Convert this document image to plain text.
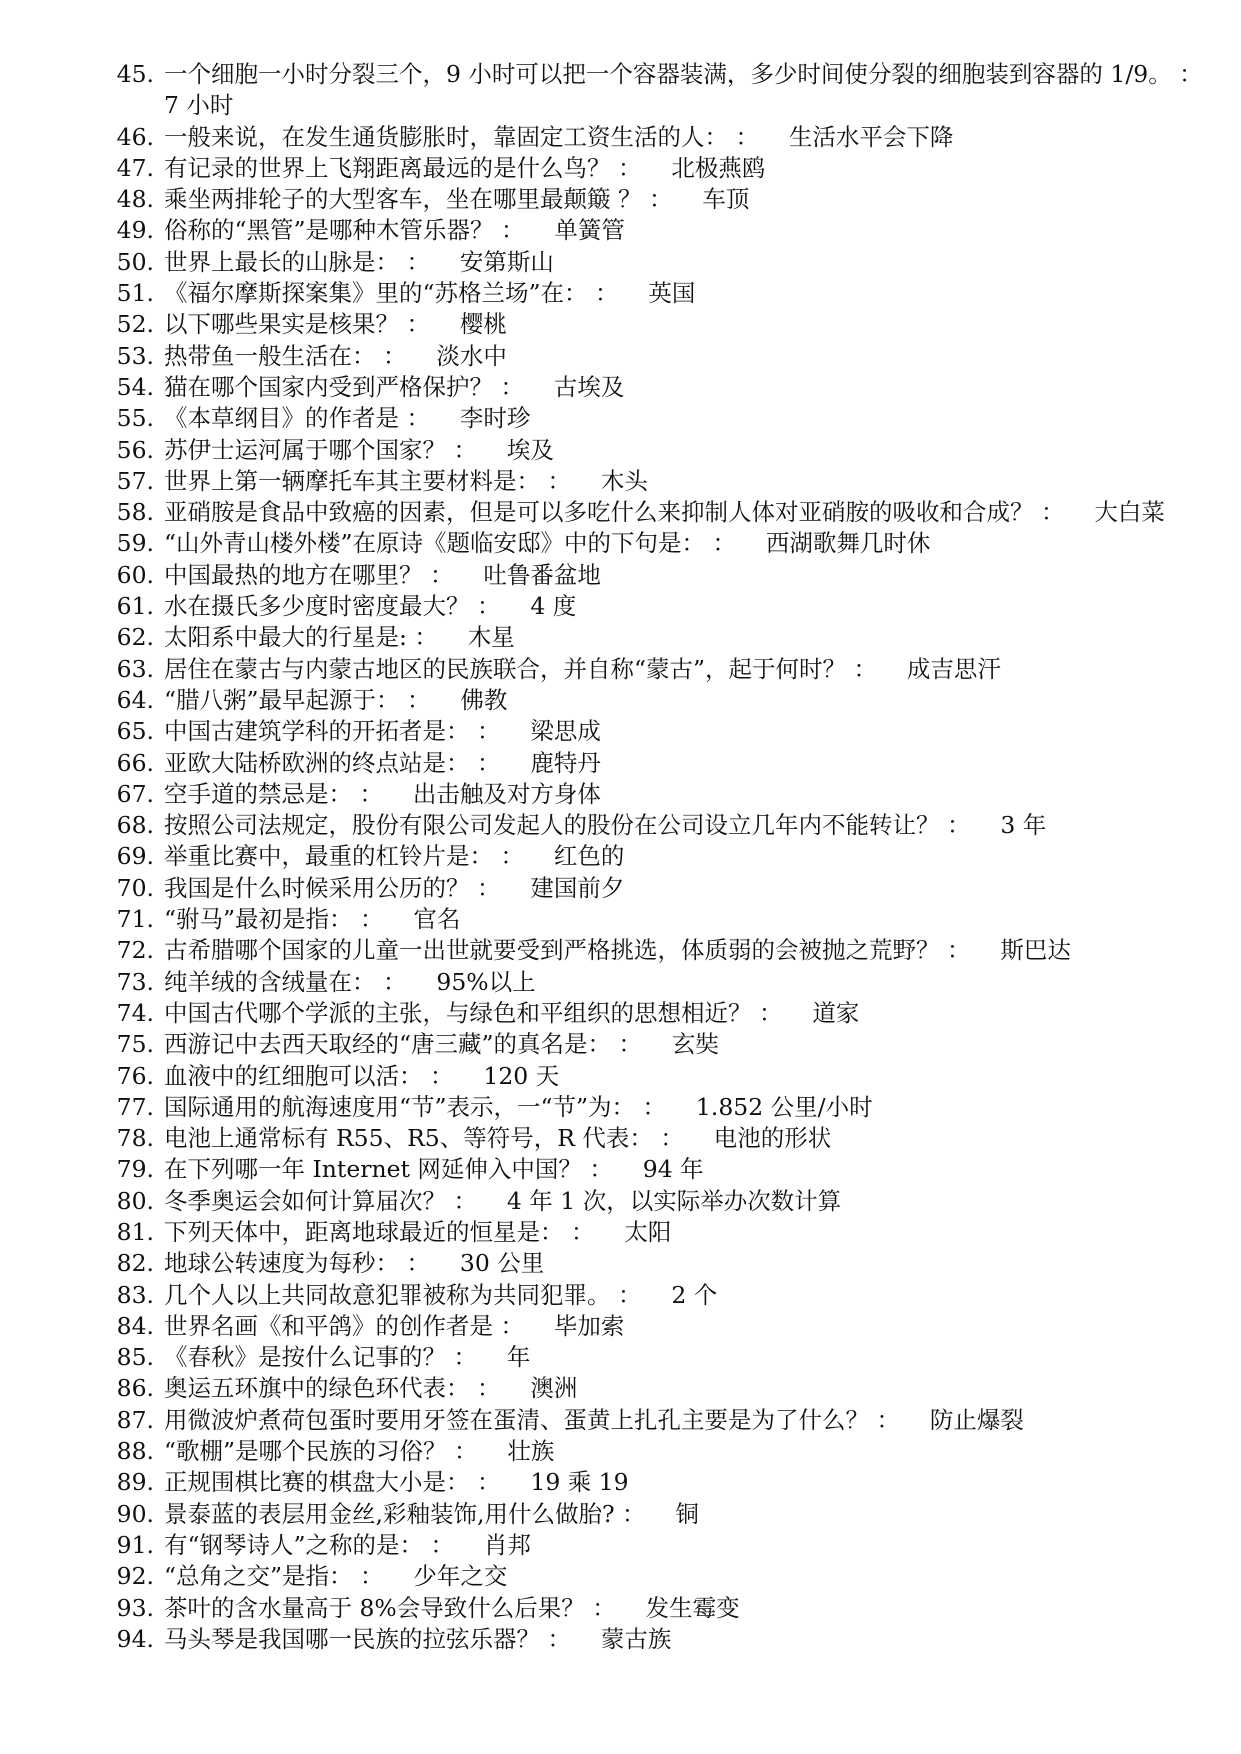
45. 一个细胞一小时分裂三个，9 小时可以把一个容器装满，多少时间使分裂的细胞装到容器的 1/9。 ：    7 小时
46. 一般来说，在发生通货膨胀时，靠固定工资生活的人： ： 生活水平会下降
47. 有记录的世界上飞翔距离最远的是什么鸟？ ： 北极燕鸥
48. 乘坐两排轮子的大型客车，坐在哪里最颠簸 ？ ： 车顶
49. 俗称的“黑管”是哪种木管乐器？ ： 单簧管
50. 世界上最长的山脉是： ： 安第斯山
51. 《福尔摩斯探案集》里的“苏格兰场”在： ： 英国
52. 以下哪些果实是核果？ ： 樱桃
53. 热带鱼一般生活在： ： 淡水中
54. 猫在哪个国家内受到严格保护？ ： 古埃及
55. 《本草纲目》的作者是 ： 李时珍
56. 苏伊士运河属于哪个国家？ ： 埃及
57. 世界上第一辆摩托车其主要材料是： ： 木头
58. 亚硝胺是食品中致癌的因素，但是可以多吃什么来抑制人体对亚硝胺的吸收和合成？ ： 大白菜
59. “山外青山楼外楼”在原诗《题临安邸》中的下句是： ： 西湖歌舞几时休
60. 中国最热的地方在哪里？ ： 吐鲁番盆地
61. 水在摄氏多少度时密度最大？ ： 4 度
62. 太阳系中最大的行星是: ： 木星
63. 居住在蒙古与内蒙古地区的民族联合，并自称“蒙古”，起于何时？ ： 成吉思汗
64. “腊八粥”最早起源于： ： 佛教
65. 中国古建筑学科的开拓者是： ： 梁思成
66. 亚欧大陆桥欧洲的终点站是： ： 鹿特丹
67. 空手道的禁忌是： ： 出击触及对方身体
68. 按照公司法规定，股份有限公司发起人的股份在公司设立几年内不能转让？ ： 3 年
69. 举重比赛中，最重的杠铃片是： ： 红色的
70. 我国是什么时候采用公历的？ ： 建国前夕
71. “驸马”最初是指： ： 官名
72. 古希腊哪个国家的儿童一出世就要受到严格挑选，体质弱的会被抛之荒野？ ： 斯巴达
73. 纯羊绒的含绒量在： ： 95%以上
74. 中国古代哪个学派的主张，与绿色和平组织的思想相近？ ： 道家
75. 西游记中去西天取经的“唐三藏”的真名是： ： 玄奘
76. 血液中的红细胞可以活： ： 120 天
77. 国际通用的航海速度用“节”表示，一“节”为： ： 1.852 公里/小时
78. 电池上通常标有 R55、R5、等符号，R 代表： ： 电池的形状
79. 在下列哪一年 Internet 网延伸入中国？ ： 94 年
80. 冬季奥运会如何计算届次？ ： 4 年 1 次，以实际举办次数计算
81. 下列天体中，距离地球最近的恒星是： ： 太阳
82. 地球公转速度为每秒： ： 30 公里
83. 几个人以上共同故意犯罪被称为共同犯罪。 ： 2 个
84. 世界名画《和平鸽》的创作者是 ： 毕加索
85. 《春秋》是按什么记事的？ ： 年
86. 奥运五环旗中的绿色环代表： ： 澳洲
87. 用微波炉煮荷包蛋时要用牙签在蛋清、蛋黄上扎孔主要是为了什么？ ： 防止爆裂
88. “歌棚”是哪个民族的习俗？ ： 壮族
89. 正规围棋比赛的棋盘大小是： ： 19 乘 19
90. 景泰蓝的表层用金丝,彩釉装饰,用什么做胎? ： 铜
91. 有“钢琴诗人”之称的是： ： 肖邦
92. “总角之交”是指： ： 少年之交
93. 茶叶的含水量高于 8%会导致什么后果？ ： 发生霉变
94. 马头琴是我国哪一民族的拉弦乐器？ ： 蒙古族
